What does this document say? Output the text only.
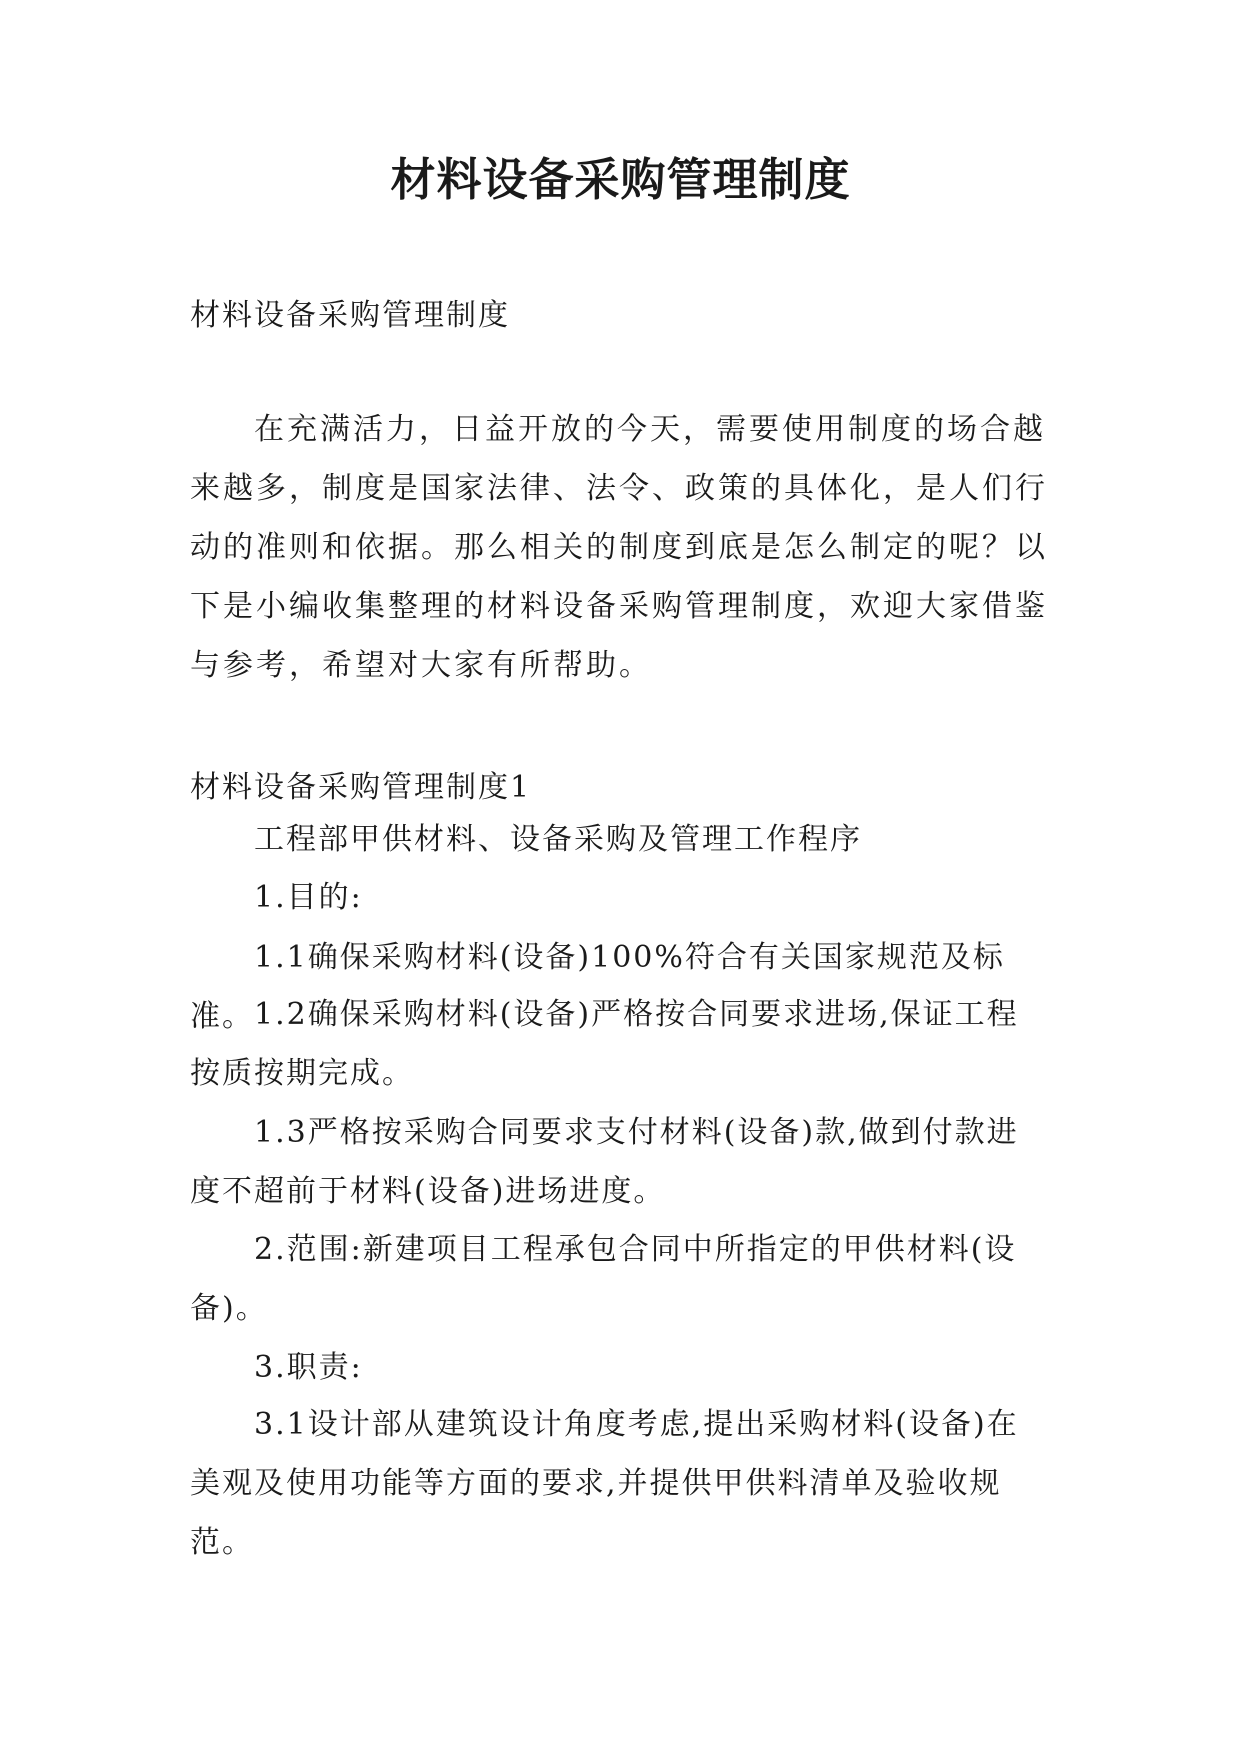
材料设备采购管理制度

材料设备采购管理制度

在充满活力，日益开放的今天，需要使用制度的场合越来越多，制度是国家法律、法令、政策的具体化，是人们行动的准则和依据。那么相关的制度到底是怎么制定的呢？以下是小编收集整理的材料设备采购管理制度，欢迎大家借鉴与参考，希望对大家有所帮助。

材料设备采购管理制度1

工程部甲供材料、设备采购及管理工作程序

1.目的:

1.1确保采购材料(设备)100%符合有关国家规范及标准。 1.2确保采购材料(设备)严格按合同要求进场,保证工程按质按期完成。

1.3严格按采购合同要求支付材料(设备)款,做到付款进度不超前于材料(设备)进场进度。

2.范围:新建项目工程承包合同中所指定的甲供材料(设备)。

3.职责:

3.1设计部从建筑设计角度考虑,提出采购材料(设备)在美观及使用功能等方面的要求,并提供甲供料清单及验收规范。
